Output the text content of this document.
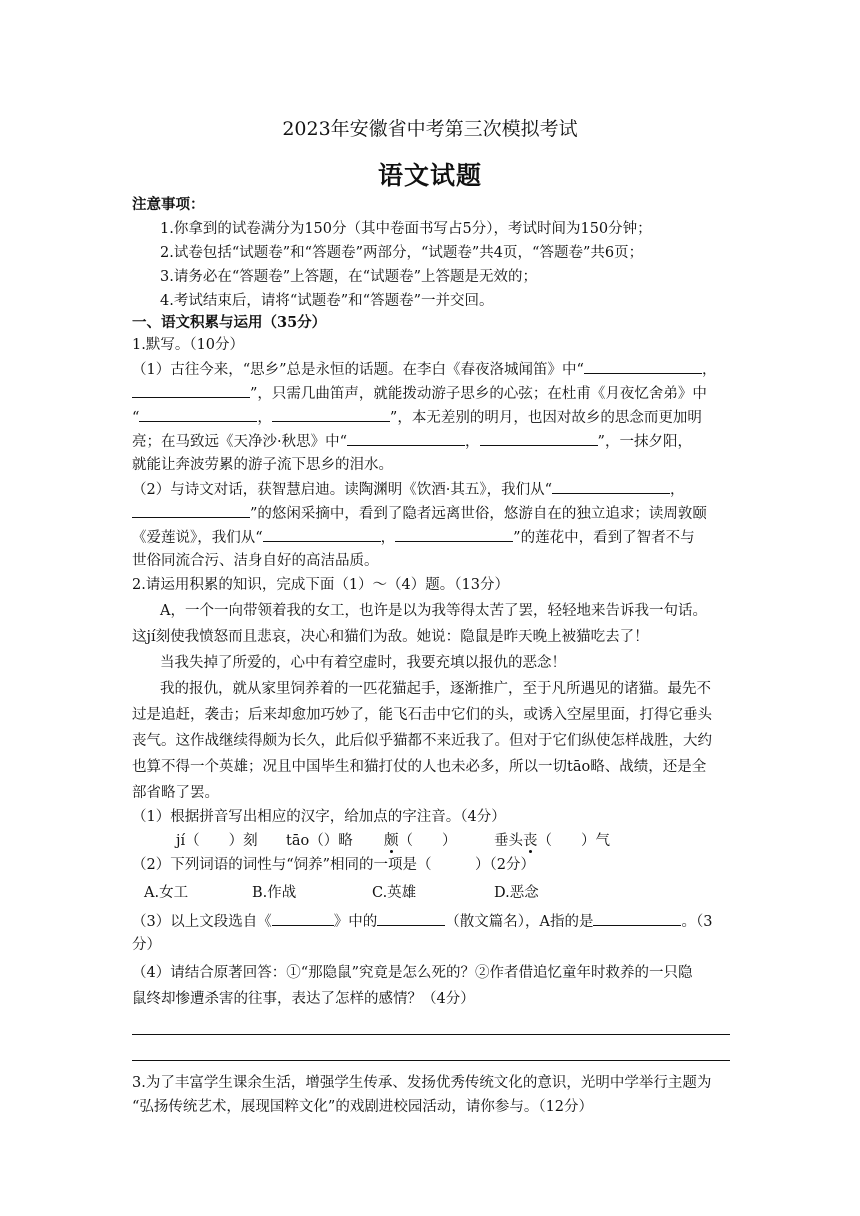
2023年安徽省中考第三次模拟考试
语文试题
注意事项：
1.你拿到的试卷满分为150分（其中卷面书写占5分），考试时间为150分钟；
2.试卷包括“试题卷”和“答题卷”两部分，“试题卷”共4页，“答题卷”共6页；
3.请务必在“答题卷”上答题，在“试题卷”上答题是无效的；
4.考试结束后，请将“试题卷”和“答题卷”一并交回。
一、语文积累与运用（35分）
1.默写。（10分）
（1）古往今来，“思乡”总是永恒的话题。在李白《春夜洛城闻笛》中“	，
”，只需几曲笛声，就能拨动游子思乡的心弦；在杜甫《月夜忆舍弟》中
“	，	”，本无差别的明月，也因对故乡的思念而更加明
亮；在马致远《天净沙·秋思》中“	，	”，一抹夕阳，
就能让奔波劳累的游子流下思乡的泪水。
（2）与诗文对话，获智慧启迪。读陶渊明《饮酒·其五》，我们从“	，
”的悠闲采摘中，看到了隐者远离世俗，悠游自在的独立追求；读周敦颐
《爱莲说》，我们从“	，	”的莲花中，看到了智者不与
世俗同流合污、洁身自好的高洁品质。
2.请运用积累的知识，完成下面（1）～（4）题。（13分）
A，一个一向带领着我的女工，也许是以为我等得太苦了罢，轻轻地来告诉我一句话。
这jí刻使我愤怒而且悲哀，决心和猫们为敌。她说：隐鼠是昨天晚上被猫吃去了！
当我失掉了所爱的，心中有着空虚时，我要充填以报仇的恶念！
我的报仇，就从家里饲养着的一匹花猫起手，逐渐推广，至于凡所遇见的诸猫。最先不
过是追赶，袭击；后来却愈加巧妙了，能飞石击中它们的头，或诱入空屋里面，打得它垂头
丧气。这作战继续得颇为长久，此后似乎猫都不来近我了。但对于它们纵使怎样战胜，大约
也算不得一个英雄；况且中国毕生和猫打仗的人也未必多，所以一切tāo略、战绩，还是全
部省略了罢。
（1）根据拼音写出相应的汉字，给加点的字注音。（4分）
jí（　　）刻 tāo（）略 颇（　　）	垂头丧（　　）气
（2）下列词语的词性与“饲养”相同的一项是（　　　）（2分）
A.女工	B.作战	C.英雄	D.恶念
（3）以上文段选自《	》中的	（散文篇名），A指的是	。（3
分）
（4）请结合原著回答：①“那隐鼠”究竟是怎么死的？②作者借追忆童年时救养的一只隐
鼠终却惨遭杀害的往事，表达了怎样的感情？（4分）
3.为了丰富学生课余生活，增强学生传承、发扬优秀传统文化的意识，光明中学举行主题为
“弘扬传统艺术，展现国粹文化”的戏剧进校园活动，请你参与。（12分）
